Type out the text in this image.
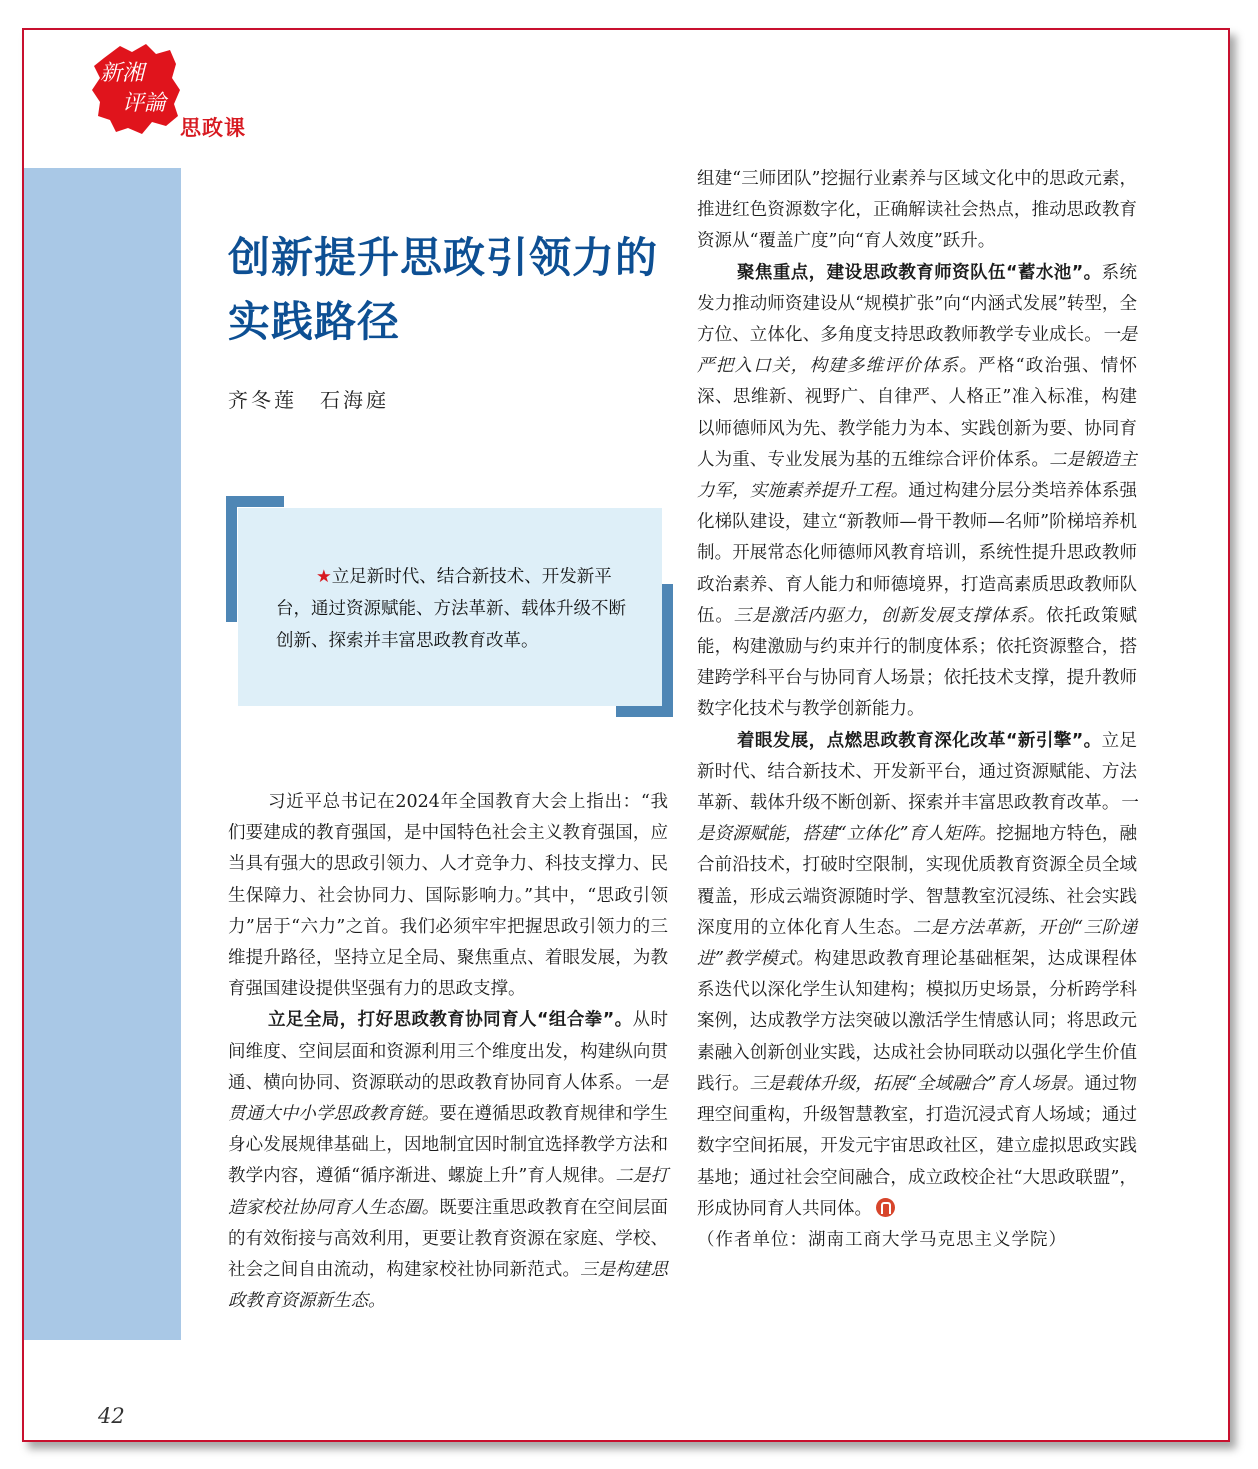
新湘
评論
思政课
创新提升思政引领力的
实践路径
齐冬莲　石海庭
★立足新时代、结合新技术、开发新平台，通过资源赋能、方法革新、载体升级不断创新、探索并丰富思政教育改革。

习近平总书记在2024年全国教育大会上指出：“我们要建成的教育强国，是中国特色社会主义教育强国，应当具有强大的思政引领力、人才竞争力、科技支撑力、民生保障力、社会协同力、国际影响力。”其中，“思政引领力”居于“六力”之首。我们必须牢牢把握思政引领力的三维提升路径，坚持立足全局、聚焦重点、着眼发展，为教育强国建设提供坚强有力的思政支撑。

立足全局，打好思政教育协同育人“组合拳”。从时间维度、空间层面和资源利用三个维度出发，构建纵向贯通、横向协同、资源联动的思政教育协同育人体系。一是贯通大中小学思政教育链。要在遵循思政教育规律和学生身心发展规律基础上，因地制宜因时制宜选择教学方法和教学内容，遵循“循序渐进、螺旋上升”育人规律。二是打造家校社协同育人生态圈。既要注重思政教育在空间层面的有效衔接与高效利用，更要让教育资源在家庭、学校、社会之间自由流动，构建家校社协同新范式。三是构建思政教育资源新生态。

组建“三师团队”挖掘行业素养与区域文化中的思政元素，推进红色资源数字化，正确解读社会热点，推动思政教育资源从“覆盖广度”向“育人效度”跃升。

聚焦重点，建设思政教育师资队伍“蓄水池”。系统发力推动师资建设从“规模扩张”向“内涵式发展”转型，全方位、立体化、多角度支持思政教师教学专业成长。一是严把入口关，构建多维评价体系。严格“政治强、情怀深、思维新、视野广、自律严、人格正”准入标准，构建以师德师风为先、教学能力为本、实践创新为要、协同育人为重、专业发展为基的五维综合评价体系。二是锻造主力军，实施素养提升工程。通过构建分层分类培养体系强化梯队建设，建立“新教师—骨干教师—名师”阶梯培养机制。开展常态化师德师风教育培训，系统性提升思政教师政治素养、育人能力和师德境界，打造高素质思政教师队伍。三是激活内驱力，创新发展支撑体系。依托政策赋能，构建激励与约束并行的制度体系；依托资源整合，搭建跨学科平台与协同育人场景；依托技术支撑，提升教师数字化技术与教学创新能力。

着眼发展，点燃思政教育深化改革“新引擎”。立足新时代、结合新技术、开发新平台，通过资源赋能、方法革新、载体升级不断创新、探索并丰富思政教育改革。一是资源赋能，搭建“立体化”育人矩阵。挖掘地方特色，融合前沿技术，打破时空限制，实现优质教育资源全员全域覆盖，形成云端资源随时学、智慧教室沉浸练、社会实践深度用的立体化育人生态。二是方法革新，开创“三阶递进”教学模式。构建思政教育理论基础框架，达成课程体系迭代以深化学生认知建构；模拟历史场景，分析跨学科案例，达成教学方法突破以激活学生情感认同；将思政元素融入创新创业实践，达成社会协同联动以强化学生价值践行。三是载体升级，拓展“全域融合”育人场景。通过物理空间重构，升级智慧教室，打造沉浸式育人场域；通过数字空间拓展，开发元宇宙思政社区，建立虚拟思政实践基地；通过社会空间融合，成立政校企社“大思政联盟”，形成协同育人共同体。

（作者单位：湖南工商大学马克思主义学院）

42
